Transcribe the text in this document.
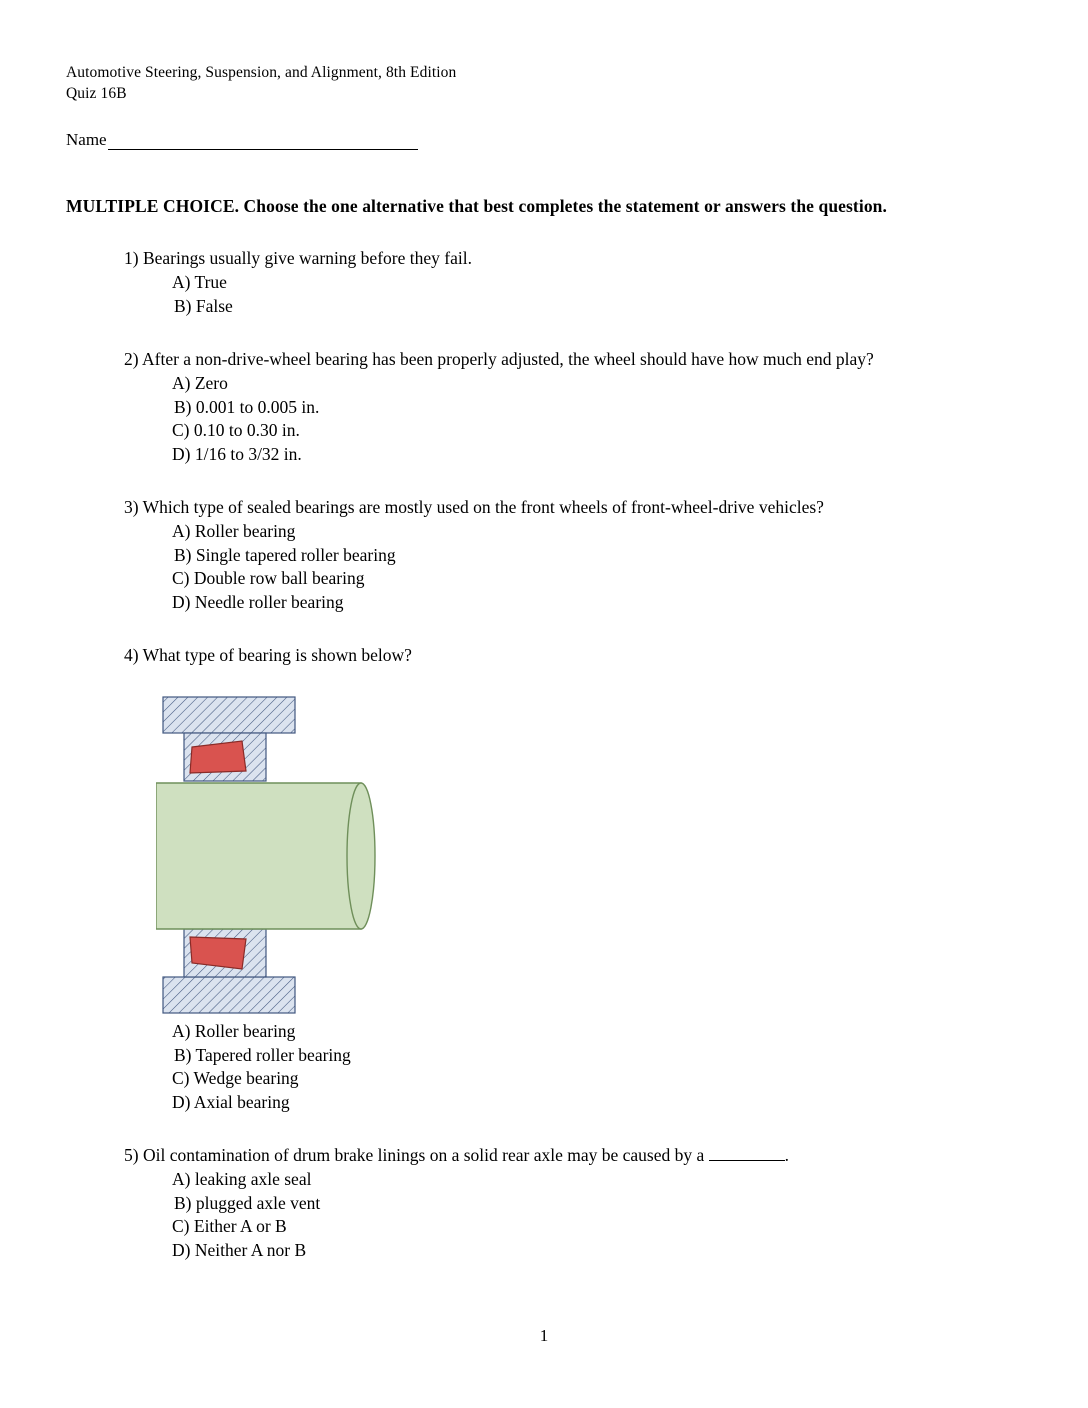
Automotive Steering, Suspension, and Alignment, 8th Edition
Quiz 16B
Name
MULTIPLE CHOICE. Choose the one alternative that best completes the statement or answers the question.
1) Bearings usually give warning before they fail.
A) True
B) False
2) After a non-drive-wheel bearing has been properly adjusted, the wheel should have how much end play?
A) Zero
B) 0.001 to 0.005 in.
C) 0.10 to 0.30 in.
D) 1/16 to 3/32 in.
3) Which type of sealed bearings are mostly used on the front wheels of front-wheel-drive vehicles?
A) Roller bearing
B) Single tapered roller bearing
C) Double row ball bearing
D) Needle roller bearing
4) What type of bearing is shown below?
A) Roller bearing
B) Tapered roller bearing
C) Wedge bearing
D) Axial bearing
5) Oil contamination of drum brake linings on a solid rear axle may be caused by a	.
A) leaking axle seal
B) plugged axle vent
C) Either A or B
D) Neither A nor B
1
